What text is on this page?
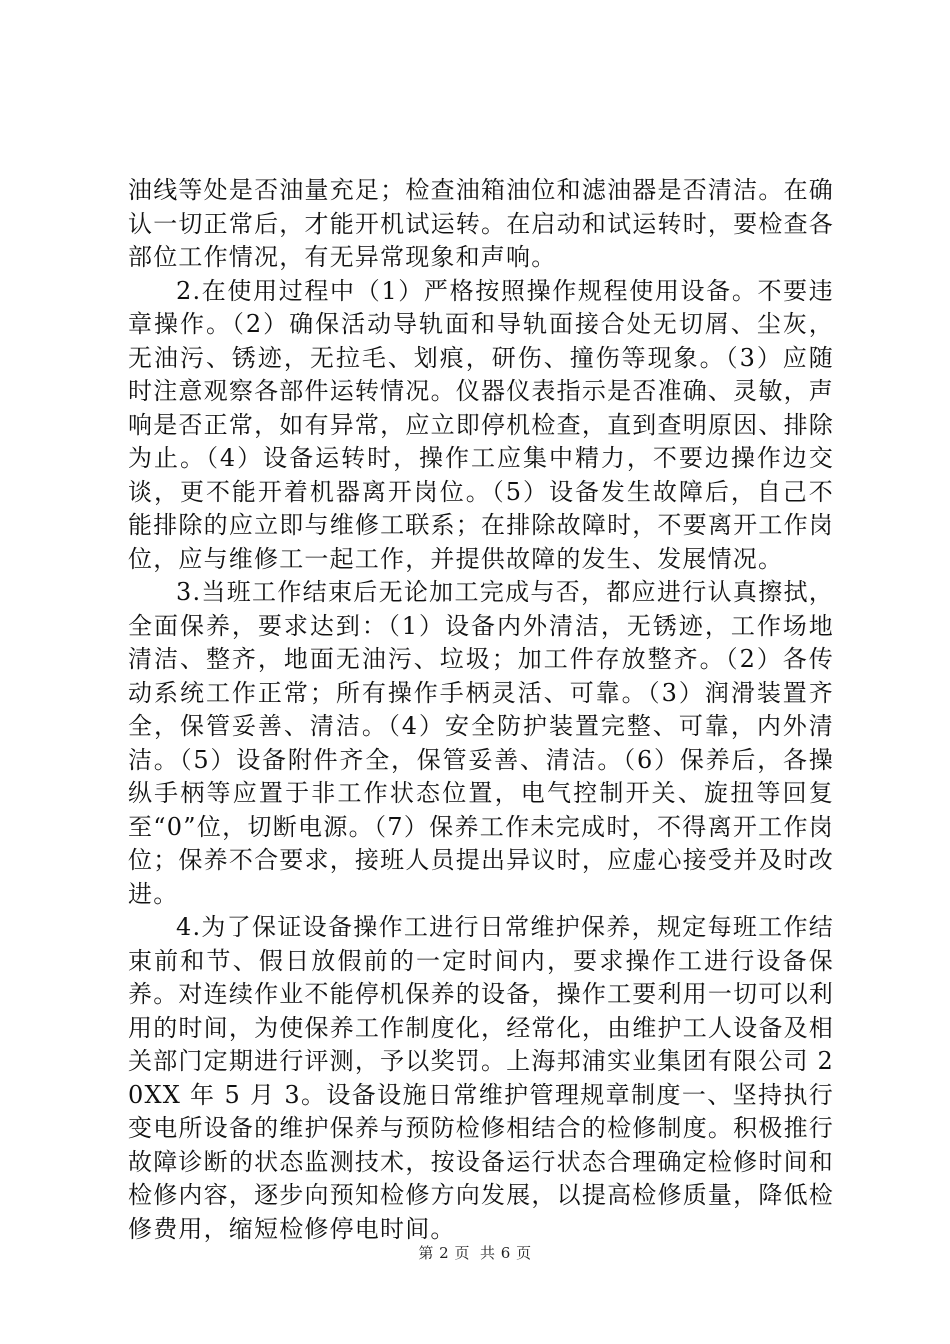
油线等处是否油量充足；检查油箱油位和滤油器是否清洁。在确认一切正常后，才能开机试运转。在启动和试运转时，要检查各部位工作情况，有无异常现象和声响。

2.在使用过程中（1）严格按照操作规程使用设备。不要违章操作。（2）确保活动导轨面和导轨面接合处无切屑、尘灰，无油污、锈迹，无拉毛、划痕，研伤、撞伤等现象。（3）应随时注意观察各部件运转情况。仪器仪表指示是否准确、灵敏，声响是否正常，如有异常，应立即停机检查，直到查明原因、排除为止。（4）设备运转时，操作工应集中精力，不要边操作边交谈，更不能开着机器离开岗位。（5）设备发生故障后，自己不能排除的应立即与维修工联系；在排除故障时，不要离开工作岗位，应与维修工一起工作，并提供故障的发生、发展情况。

3.当班工作结束后无论加工完成与否，都应进行认真擦拭，全面保养，要求达到：（1）设备内外清洁，无锈迹，工作场地清洁、整齐，地面无油污、垃圾；加工件存放整齐。（2）各传动系统工作正常；所有操作手柄灵活、可靠。（3）润滑装置齐全，保管妥善、清洁。（4）安全防护装置完整、可靠，内外清洁。（5）设备附件齐全，保管妥善、清洁。（6）保养后，各操纵手柄等应置于非工作状态位置，电气控制开关、旋扭等回复至“0”位，切断电源。（7）保养工作未完成时，不得离开工作岗位；保养不合要求，接班人员提出异议时，应虚心接受并及时改进。

4.为了保证设备操作工进行日常维护保养，规定每班工作结束前和节、假日放假前的一定时间内，要求操作工进行设备保养。对连续作业不能停机保养的设备，操作工要利用一切可以利用的时间，为使保养工作制度化，经常化，由维护工人设备及相关部门定期进行评测，予以奖罚。上海邦浦实业集团有限公司 20XX 年 5 月 3。设备设施日常维护管理规章制度一、坚持执行变电所设备的维护保养与预防检修相结合的检修制度。积极推行故障诊断的状态监测技术，按设备运行状态合理确定检修时间和检修内容，逐步向预知检修方向发展，以提高检修质量，降低检修费用，缩短检修停电时间。

第 2 页 共 6 页
